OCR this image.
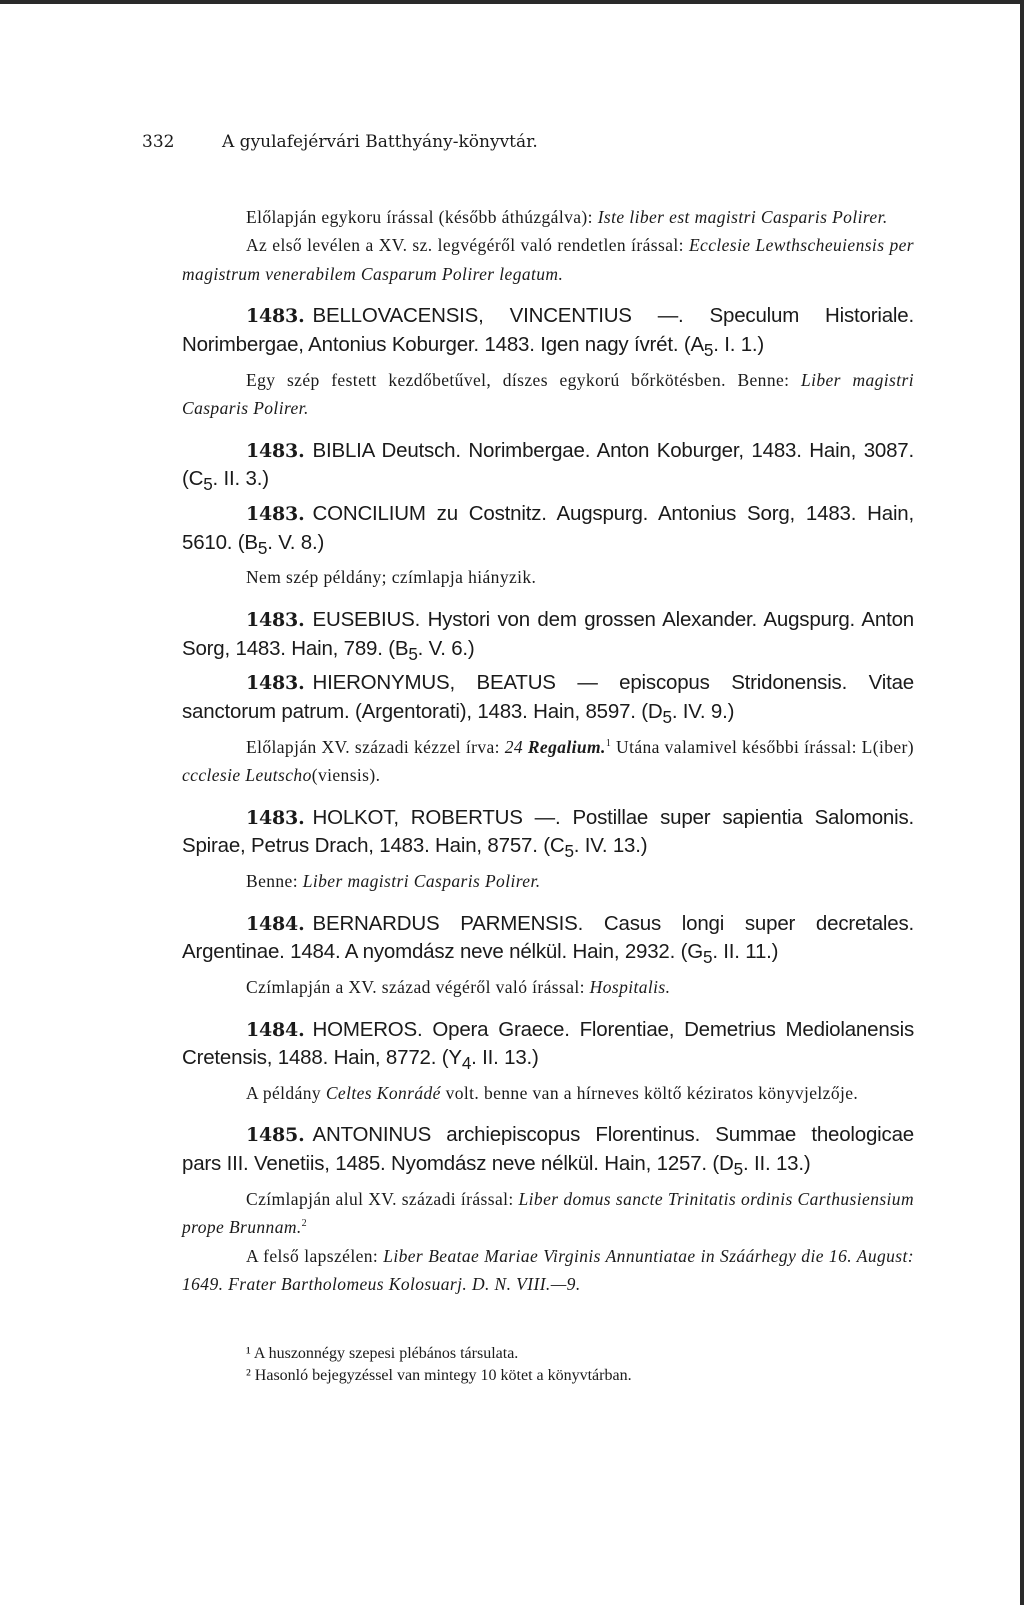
332	A gyulafejérvári Batthyány-könyvtár.

Előlapján egykoru írással (később áthúzgálva): Iste liber est magistri Casparis Polirer.

Az első levélen a XV. sz. legvégéről való rendetlen írással: Ecclesie Lewthscheuiensis per magistrum venerabilem Casparum Polirer legatum.

1483. BELLOVACENSIS, VINCENTIUS —. Speculum Historiale. Norimbergae, Antonius Koburger. 1483. Igen nagy ívrét. ($A_5$. I. 1.)

Egy szép festett kezdőbetűvel, díszes egykorú bőrkötésben. Benne: Liber magistri Casparis Polirer.

1483. BIBLIA Deutsch. Norimbergae. Anton Koburger, 1483. Hain, 3087. ($C_5$. II. 3.)

1483. CONCILIUM zu Costnitz. Augspurg. Antonius Sorg, 1483. Hain, 5610. ($B_5$. V. 8.)

Nem szép példány; czímlapja hiányzik.

1483. EUSEBIUS. Hystori von dem grossen Alexander. Augspurg. Anton Sorg, 1483. Hain, 789. ($B_5$. V. 6.)

1483. HIERONYMUS, BEATUS — episcopus Stridonensis. Vitae sanctorum patrum. (Argentorati), 1483. Hain, 8597. ($D_5$. IV. 9.)

Előlapján XV. századi kézzel írva: 24 Regalium.$^1$ Utána valamivel későbbi írással: L(iber) ccclesie Leutscho(viensis).

1483. HOLKOT, ROBERTUS —. Postillae super sapientia Salomonis. Spirae, Petrus Drach, 1483. Hain, 8757. ($C_5$. IV. 13.)

Benne: Liber magistri Casparis Polirer.

1484. BERNARDUS PARMENSIS. Casus longi super decretales. Argentinae. 1484. A nyomdász neve nélkül. Hain, 2932. ($G_5$. II. 11.)

Czímlapján a XV. század végéről való írással: Hospitalis.

1484. HOMEROS. Opera Graece. Florentiae, Demetrius Mediolanensis Cretensis, 1488. Hain, 8772. ($Y_4$. II. 13.)

A példány Celtes Konrádé volt. benne van a hírneves költő kéziratos könyvjelzője.

1485. ANTONINUS archiepiscopus Florentinus. Summae theologicae pars III. Venetiis, 1485. Nyomdász neve nélkül. Hain, 1257. ($D_5$. II. 13.)

Czímlapján alul XV. századi írással: Liber domus sancte Trinitatis ordinis Carthusiensium prope Brunnam.$^2$

A felső lapszélen: Liber Beatae Mariae Virginis Annuntiatae in Száárhegy die 16. August: 1649. Frater Bartholomeus Kolosuarj. D. N. VIII.—9.

¹ A huszonnégy szepesi plébános társulata.

² Hasonló bejegyzéssel van mintegy 10 kötet a könyvtárban.
